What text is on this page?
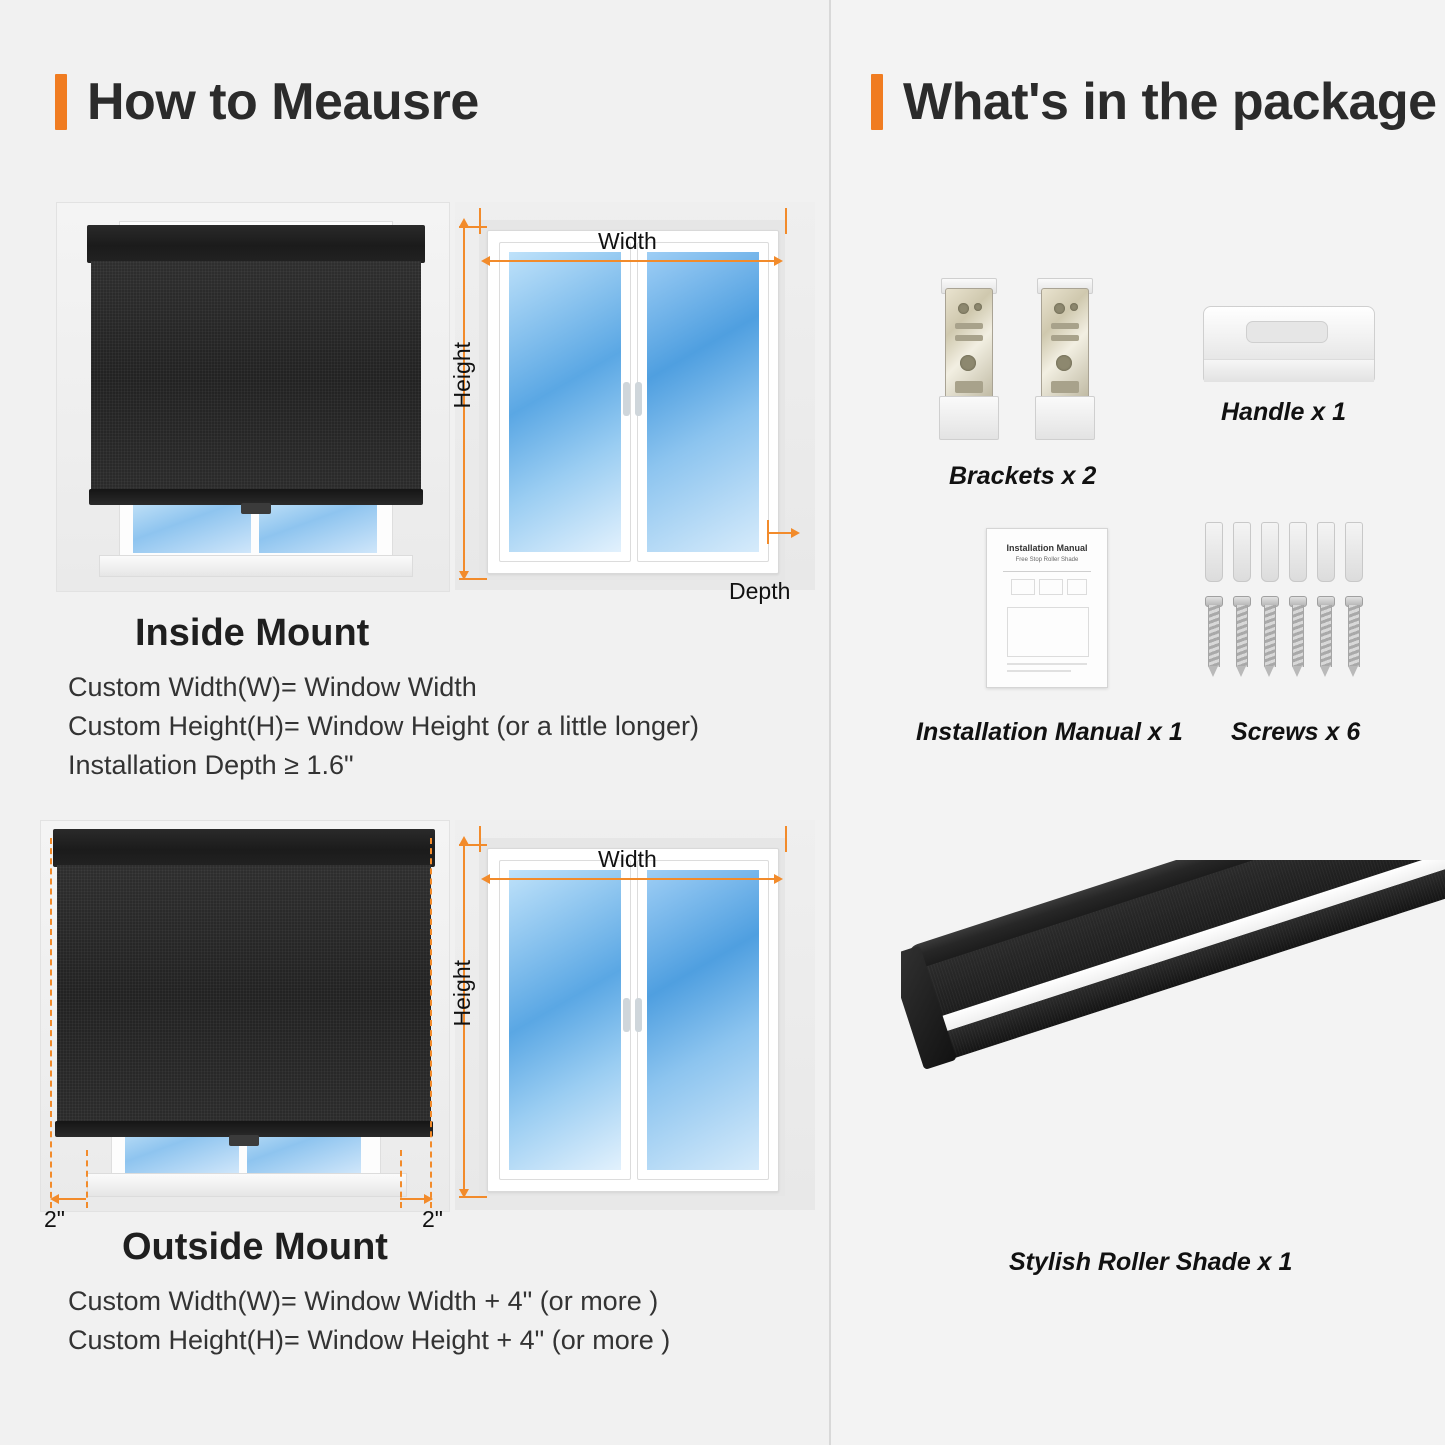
How to Meausre
Width
Height
Depth
Inside Mount
Custom Width(W)= Window Width
Custom Height(H)= Window Height (or a little longer)
Installation Depth ≥ 1.6"
2"	2"
Width
Height
Outside Mount
Custom Width(W)= Window Width + 4" (or more )
Custom Height(H)= Window Height + 4" (or more )
What's in the package
Brackets x 2
Handle x 1
Installation Manual
Free Stop Roller Shade
Installation Manual x 1 Screws x 6
Stylish Roller Shade x 1
